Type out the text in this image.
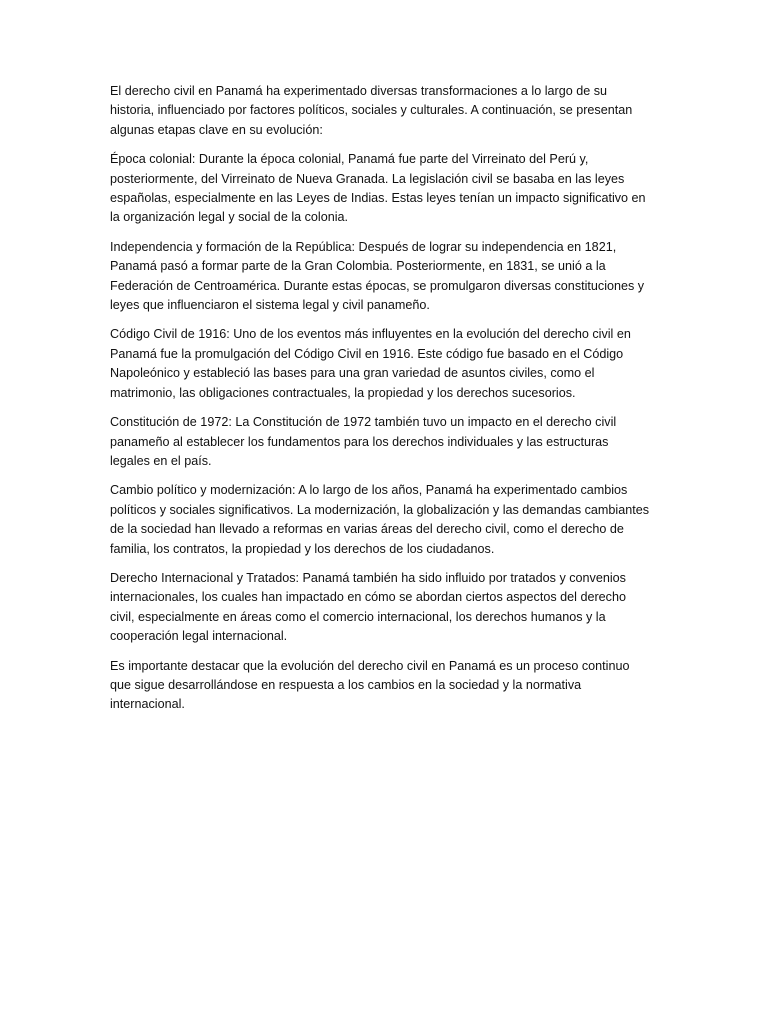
El derecho civil en Panamá ha experimentado diversas transformaciones a lo largo de su
historia, influenciado por factores políticos, sociales y culturales. A continuación, se presentan
algunas etapas clave en su evolución:

Época colonial: Durante la época colonial, Panamá fue parte del Virreinato del Perú y,
posteriormente, del Virreinato de Nueva Granada. La legislación civil se basaba en las leyes
españolas, especialmente en las Leyes de Indias. Estas leyes tenían un impacto significativo en
la organización legal y social de la colonia.

Independencia y formación de la República: Después de lograr su independencia en 1821,
Panamá pasó a formar parte de la Gran Colombia. Posteriormente, en 1831, se unió a la
Federación de Centroamérica. Durante estas épocas, se promulgaron diversas constituciones y
leyes que influenciaron el sistema legal y civil panameño.

Código Civil de 1916: Uno de los eventos más influyentes en la evolución del derecho civil en
Panamá fue la promulgación del Código Civil en 1916. Este código fue basado en el Código
Napoleónico y estableció las bases para una gran variedad de asuntos civiles, como el
matrimonio, las obligaciones contractuales, la propiedad y los derechos sucesorios.

Constitución de 1972: La Constitución de 1972 también tuvo un impacto en el derecho civil
panameño al establecer los fundamentos para los derechos individuales y las estructuras
legales en el país.

Cambio político y modernización: A lo largo de los años, Panamá ha experimentado cambios
políticos y sociales significativos. La modernización, la globalización y las demandas cambiantes
de la sociedad han llevado a reformas en varias áreas del derecho civil, como el derecho de
familia, los contratos, la propiedad y los derechos de los ciudadanos.

Derecho Internacional y Tratados: Panamá también ha sido influido por tratados y convenios
internacionales, los cuales han impactado en cómo se abordan ciertos aspectos del derecho
civil, especialmente en áreas como el comercio internacional, los derechos humanos y la
cooperación legal internacional.

Es importante destacar que la evolución del derecho civil en Panamá es un proceso continuo
que sigue desarrollándose en respuesta a los cambios en la sociedad y la normativa
internacional.
